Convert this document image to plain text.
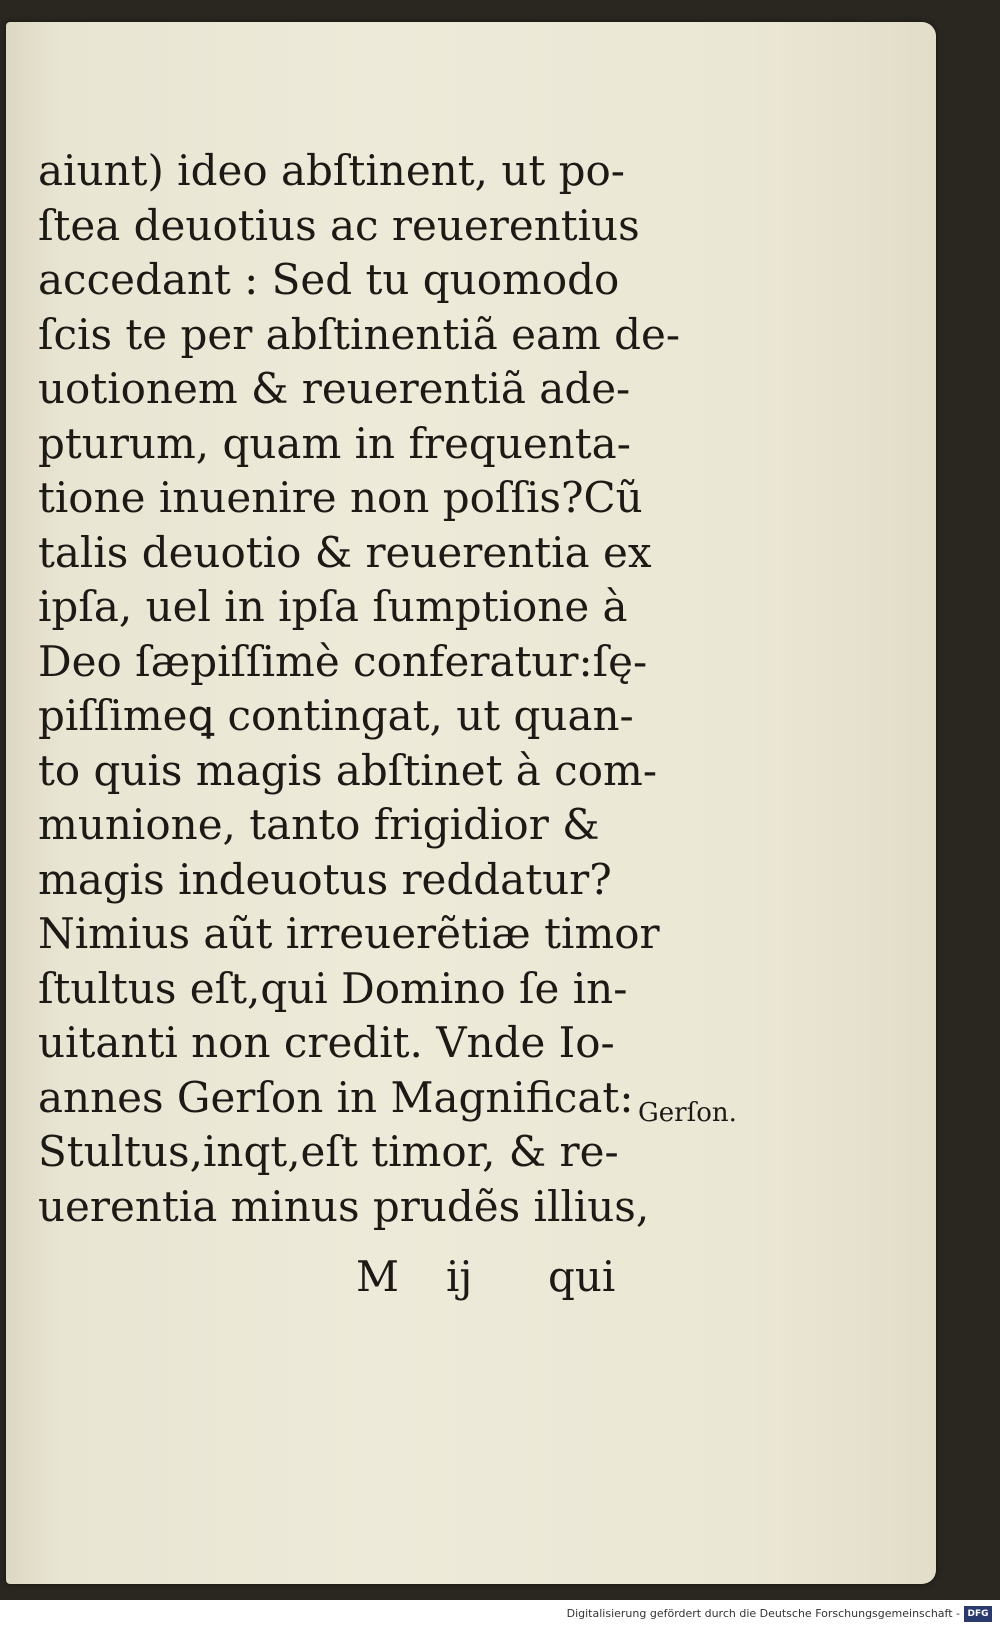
aiunt) ideo abſtinent, ut po-
ſtea deuotius ac reuerentius
accedant : Sed tu quomodo
ſcis te per abſtinentiã eam de-
uotionem & reuerentiã ade-
pturum, quam in frequenta-
tione inuenire non poſſis?Cũ
talis deuotio & reuerentia ex
ipſa, uel in ipſa ſumptione à
Deo ſæpiſſimè conferatur:ſę-
piſſimeꝗ contingat, ut quan-
to quis magis abſtinet à com-
munione, tanto frigidior &
magis indeuotus reddatur?
Nimius aũt irreuerẽtiæ timor
ſtultus eſt,qui Domino ſe in-
uitanti non credit. Vnde Io-
annes Gerſon in Magnificat:
Stultus,inqt,eſt timor, & re-
uerentia minus prudẽs illius,
Gerſon.
M ij qui
Digitalisierung gefördert durch die Deutsche Forschungsgemeinschaft - DFG
